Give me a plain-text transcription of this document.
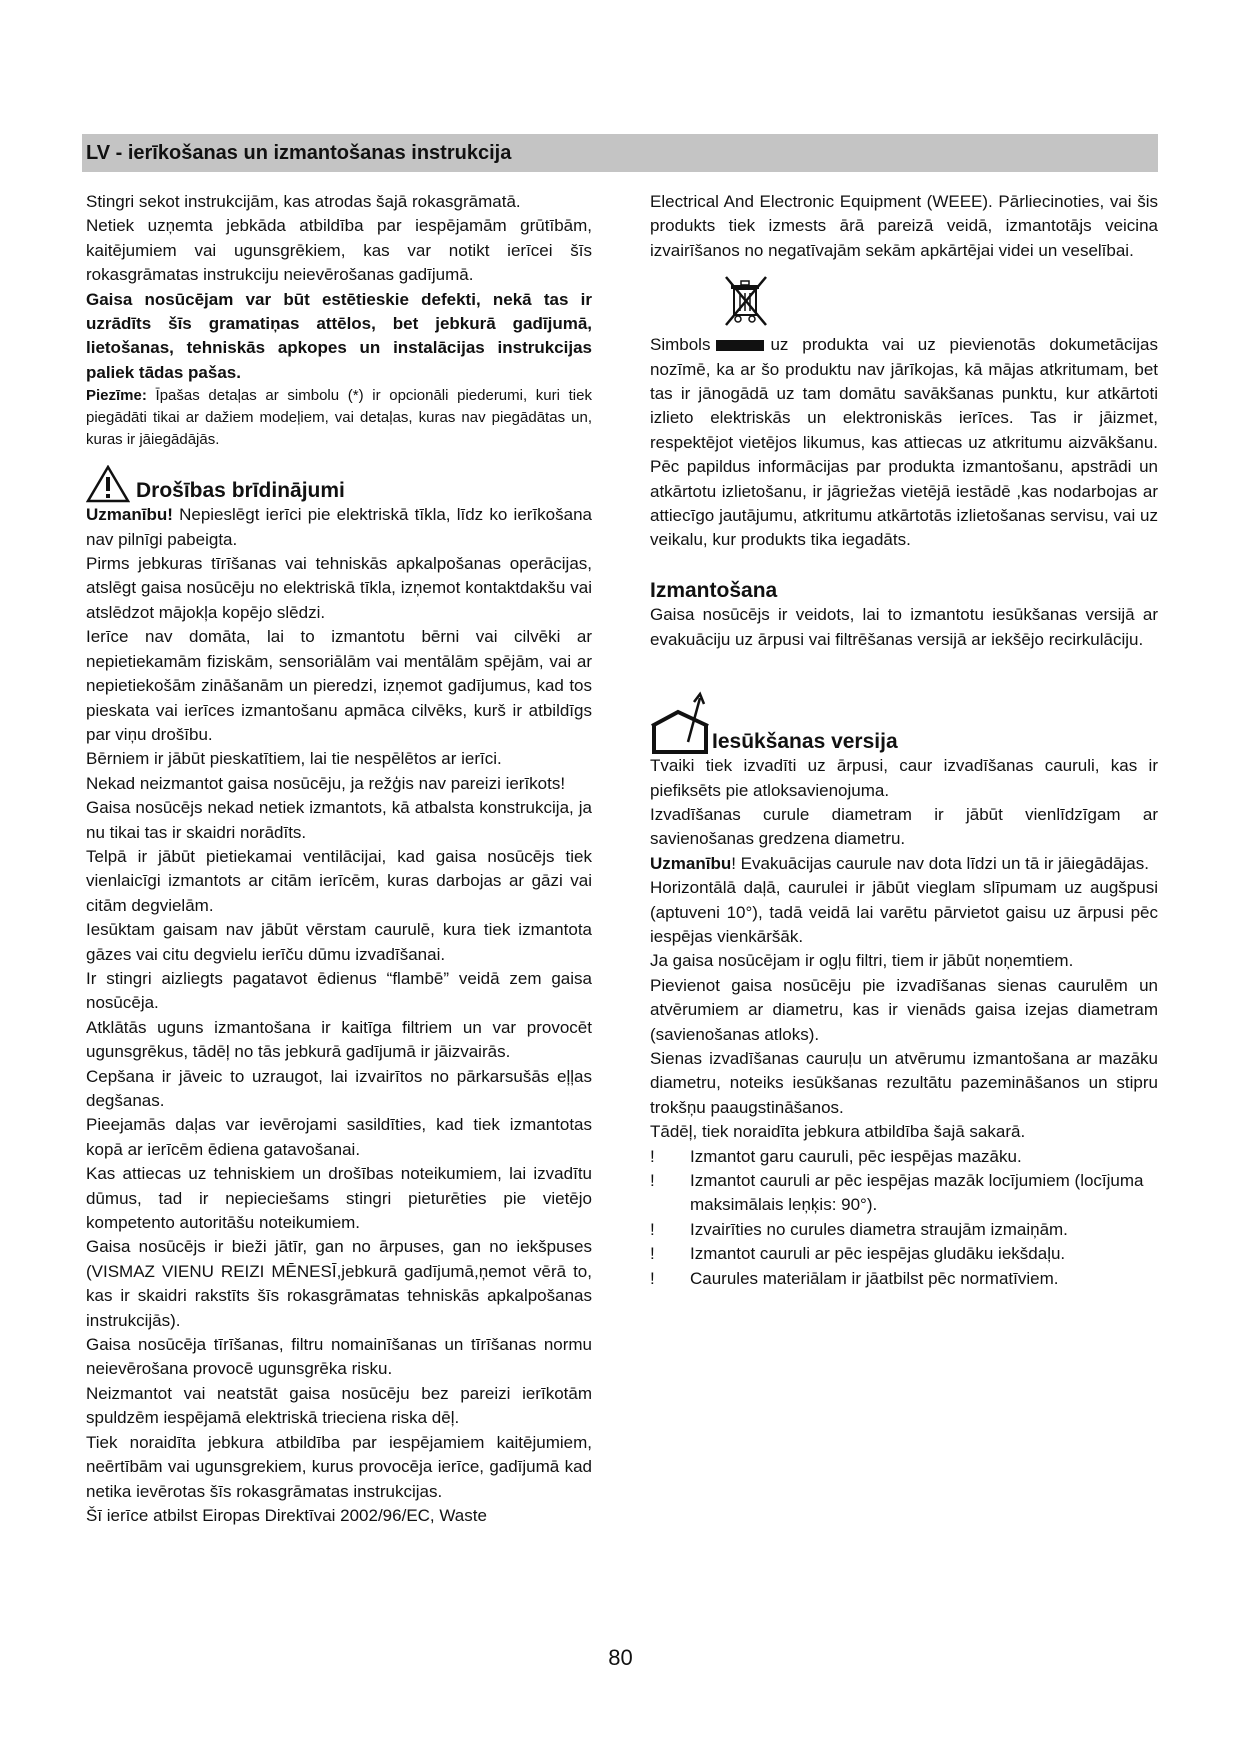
LV - ierīkošanas un izmantošanas instrukcija

Stingri sekot instrukcijām, kas atrodas šajā rokasgrāmatā.

Netiek uzņemta jebkāda atbildība par iespējamām grūtībām, kaitējumiem vai ugunsgrēkiem, kas var notikt ierīcei šīs rokasgrāmatas instrukciju neievērošanas gadījumā.

Gaisa nosūcējam var būt estētieskie defekti, nekā tas ir uzrādīts šīs gramatiņas attēlos, bet jebkurā gadījumā, lietošanas, tehniskās apkopes un instalācijas instrukcijas paliek tādas pašas.

Piezīme: Īpašas detaļas ar simbolu (*) ir opcionāli piederumi, kuri tiek piegādāti tikai ar dažiem modeļiem, vai detaļas, kuras nav piegādātas un, kuras ir jāiegādājās.

Drošības brīdinājumi

Uzmanību! Nepieslēgt ierīci pie elektriskā tīkla, līdz ko ierīkošana nav pilnīgi pabeigta.

Pirms jebkuras tīrīšanas vai tehniskās apkalpošanas operācijas, atslēgt gaisa nosūcēju no elektriskā tīkla, izņemot kontaktdakšu vai atslēdzot mājokļa kopējo slēdzi.

Ierīce nav domāta, lai to izmantotu bērni vai cilvēki ar nepietiekamām fiziskām, sensoriālām vai mentālām spējām, vai ar nepietiekošām zināšanām un pieredzi, izņemot gadījumus, kad tos pieskata vai ierīces izmantošanu apmāca cilvēks, kurš ir atbildīgs par viņu drošību.

Bērniem ir jābūt pieskatītiem, lai tie nespēlētos ar ierīci.

Nekad neizmantot gaisa nosūcēju, ja režģis nav pareizi ierīkots!

Gaisa nosūcējs nekad netiek izmantots, kā atbalsta konstrukcija, ja nu tikai tas ir skaidri norādīts.

Telpā ir jābūt pietiekamai ventilācijai, kad gaisa nosūcējs tiek vienlaicīgi izmantots ar citām ierīcēm, kuras darbojas ar gāzi vai citām degvielām.

Iesūktam gaisam nav jābūt vērstam caurulē, kura tiek izmantota gāzes vai citu degvielu ierīču dūmu izvadīšanai.

Ir stingri aizliegts pagatavot ēdienus “flambē” veidā zem gaisa nosūcēja.

Atklātās uguns izmantošana ir kaitīga filtriem un var provocēt ugunsgrēkus, tādēļ no tās jebkurā gadījumā ir jāizvairās.

Cepšana ir jāveic to uzraugot, lai izvairītos no pārkarsušās eļļas degšanas.

Pieejamās daļas var ievērojami sasildīties, kad tiek izmantotas kopā ar ierīcēm ēdiena gatavošanai.

Kas attiecas uz tehniskiem un drošības noteikumiem, lai izvadītu dūmus, tad ir nepieciešams stingri pieturēties pie vietējo kompetento autoritāšu noteikumiem.

Gaisa nosūcējs ir bieži jātīr, gan no ārpuses, gan no iekšpuses (VISMAZ VIENU REIZI MĒNESĪ,jebkurā gadījumā,ņemot vērā to, kas ir skaidri rakstīts šīs rokasgrāmatas tehniskās apkalpošanas instrukcijās).

Gaisa nosūcēja tīrīšanas, filtru nomainīšanas un tīrīšanas normu neievērošana provocē ugunsgrēka risku.

Neizmantot vai neatstāt gaisa nosūcēju bez pareizi ierīkotām spuldzēm iespējamā elektriskā trieciena riska dēļ.

Tiek noraidīta jebkura atbildība par iespējamiem kaitējumiem, neērtībām vai ugunsgrekiem, kurus provocēja ierīce, gadījumā kad netika ievērotas šīs rokasgrāmatas instrukcijas.

Šī ierīce atbilst Eiropas Direktīvai 2002/96/EC, Waste

Electrical And Electronic Equipment (WEEE). Pārliecinoties, vai šis produkts tiek izmests ārā pareizā veidā, izmantotājs veicina izvairīšanos no negatīvajām sekām apkārtējai videi un veselībai.

Simbols	uz produkta vai uz pievienotās dokumetācijas nozīmē, ka ar šo produktu nav jārīkojas, kā mājas atkritumam, bet tas ir jānogādā uz tam domātu savākšanas punktu, kur atkārtoti izlieto elektriskās un elektroniskās ierīces. Tas ir jāizmet, respektējot vietējos likumus, kas attiecas uz atkritumu aizvākšanu. Pēc papildus informācijas par produkta izmantošanu, apstrādi un atkārtotu izlietošanu, ir jāgriežas vietējā iestādē ,kas nodarbojas ar attiecīgo jautājumu, atkritumu atkārtotās izlietošanas servisu, vai uz veikalu, kur produkts tika iegadāts.

Izmantošana

Gaisa nosūcējs ir veidots, lai to izmantotu iesūkšanas versijā ar evakuāciju uz ārpusi vai filtrēšanas versijā ar iekšējo recirkulāciju.

Iesūkšanas versija

Tvaiki tiek izvadīti uz ārpusi, caur izvadīšanas cauruli, kas ir piefiksēts pie atloksavienojuma.

Izvadīšanas curule diametram ir jābūt vienlīdzīgam ar savienošanas gredzena diametru.

Uzmanību! Evakuācijas caurule nav dota līdzi un tā ir jāiegādājas.

Horizontālā daļā, caurulei ir jābūt vieglam slīpumam uz augšpusi (aptuveni 10°), tadā veidā lai varētu pārvietot gaisu uz ārpusi pēc iespējas vienkāršāk.

Ja gaisa nosūcējam ir ogļu filtri, tiem ir jābūt noņemtiem.

Pievienot gaisa nosūcēju pie izvadīšanas sienas caurulēm un atvērumiem ar diametru, kas ir vienāds gaisa izejas diametram (savienošanas atloks).

Sienas izvadīšanas cauruļu un atvērumu izmantošana ar mazāku diametru, noteiks iesūkšanas rezultātu pazemināšanos un stipru trokšņu paaugstināšanos.

Tādēļ, tiek noraidīta jebkura atbildība šajā sakarā.

!	Izmantot garu cauruli, pēc iespējas mazāku.
!	Izmantot cauruli ar pēc iespējas mazāk locījumiem (locījuma maksimālais leņķis: 90°).
!	Izvairīties no curules diametra straujām izmaiņām.
!	Izmantot cauruli ar pēc iespējas gludāku iekšdaļu.
!	Caurules materiālam ir jāatbilst pēc normatīviem.
80
